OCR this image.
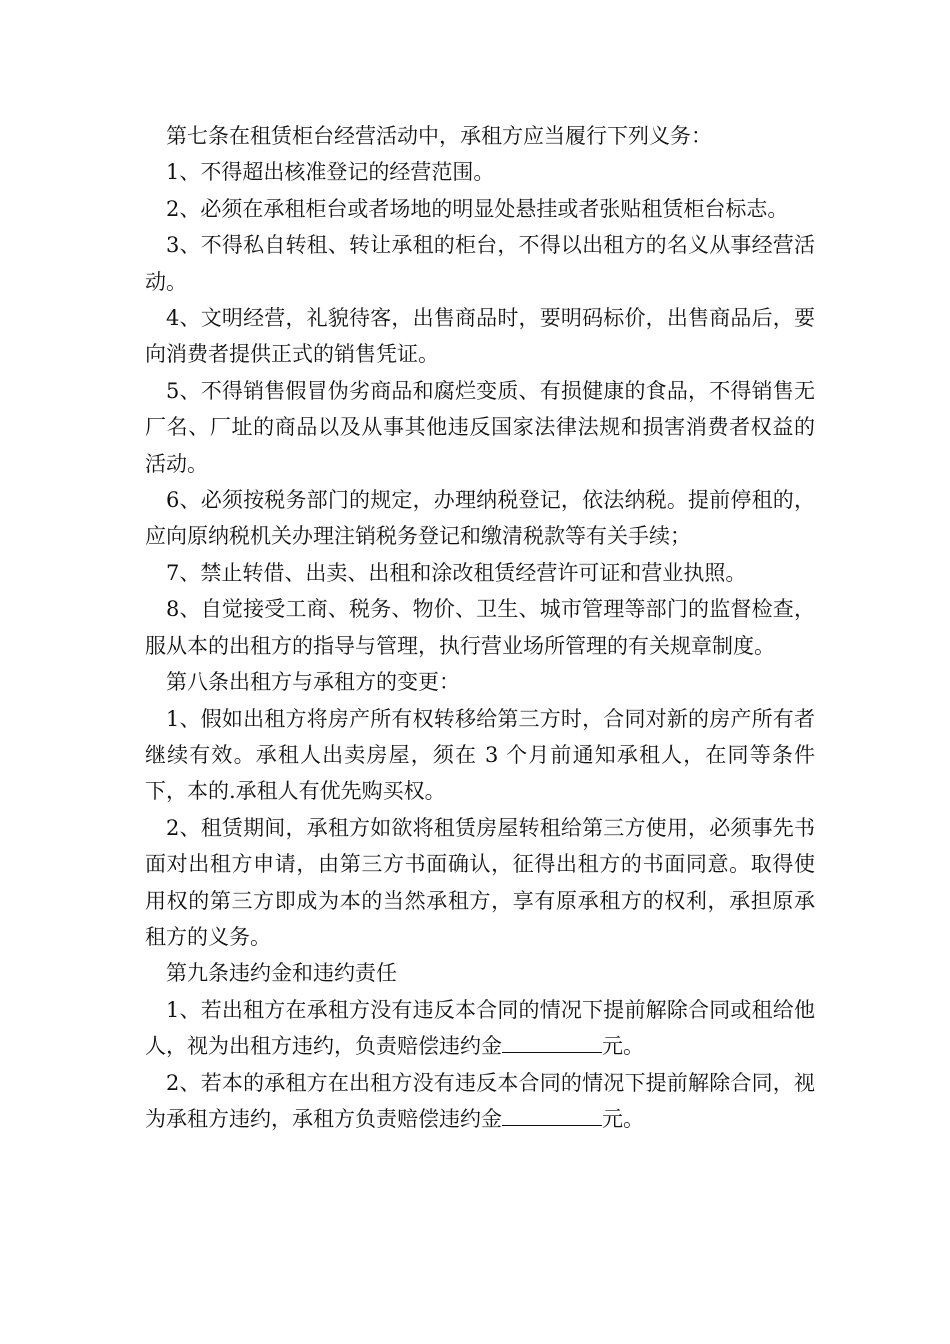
第七条在租赁柜台经营活动中，承租方应当履行下列义务：

1、不得超出核准登记的经营范围。

2、必须在承租柜台或者场地的明显处悬挂或者张贴租赁柜台标志。

3、不得私自转租、转让承租的柜台，不得以出租方的名义从事经营活动。

4、文明经营，礼貌待客，出售商品时，要明码标价，出售商品后，要向消费者提供正式的销售凭证。

5、不得销售假冒伪劣商品和腐烂变质、有损健康的食品，不得销售无厂名、厂址的商品以及从事其他违反国家法律法规和损害消费者权益的活动。

6、必须按税务部门的规定，办理纳税登记，依法纳税。提前停租的，应向原纳税机关办理注销税务登记和缴清税款等有关手续；

7、禁止转借、出卖、出租和涂改租赁经营许可证和营业执照。

8、自觉接受工商、税务、物价、卫生、城市管理等部门的监督检查，服从本的出租方的指导与管理，执行营业场所管理的有关规章制度。

第八条出租方与承租方的变更：

1、假如出租方将房产所有权转移给第三方时，合同对新的房产所有者继续有效。承租人出卖房屋，须在 3 个月前通知承租人，在同等条件下，本的.承租人有优先购买权。

2、租赁期间，承租方如欲将租赁房屋转租给第三方使用，必须事先书面对出租方申请，由第三方书面确认，征得出租方的书面同意。取得使用权的第三方即成为本的当然承租方，享有原承租方的权利，承担原承租方的义务。

第九条违约金和违约责任

1、若出租方在承租方没有违反本合同的情况下提前解除合同或租给他人，视为出租方违约，负责赔偿违约金	元。

2、若本的承租方在出租方没有违反本合同的情况下提前解除合同，视为承租方违约，承租方负责赔偿违约金	元。
